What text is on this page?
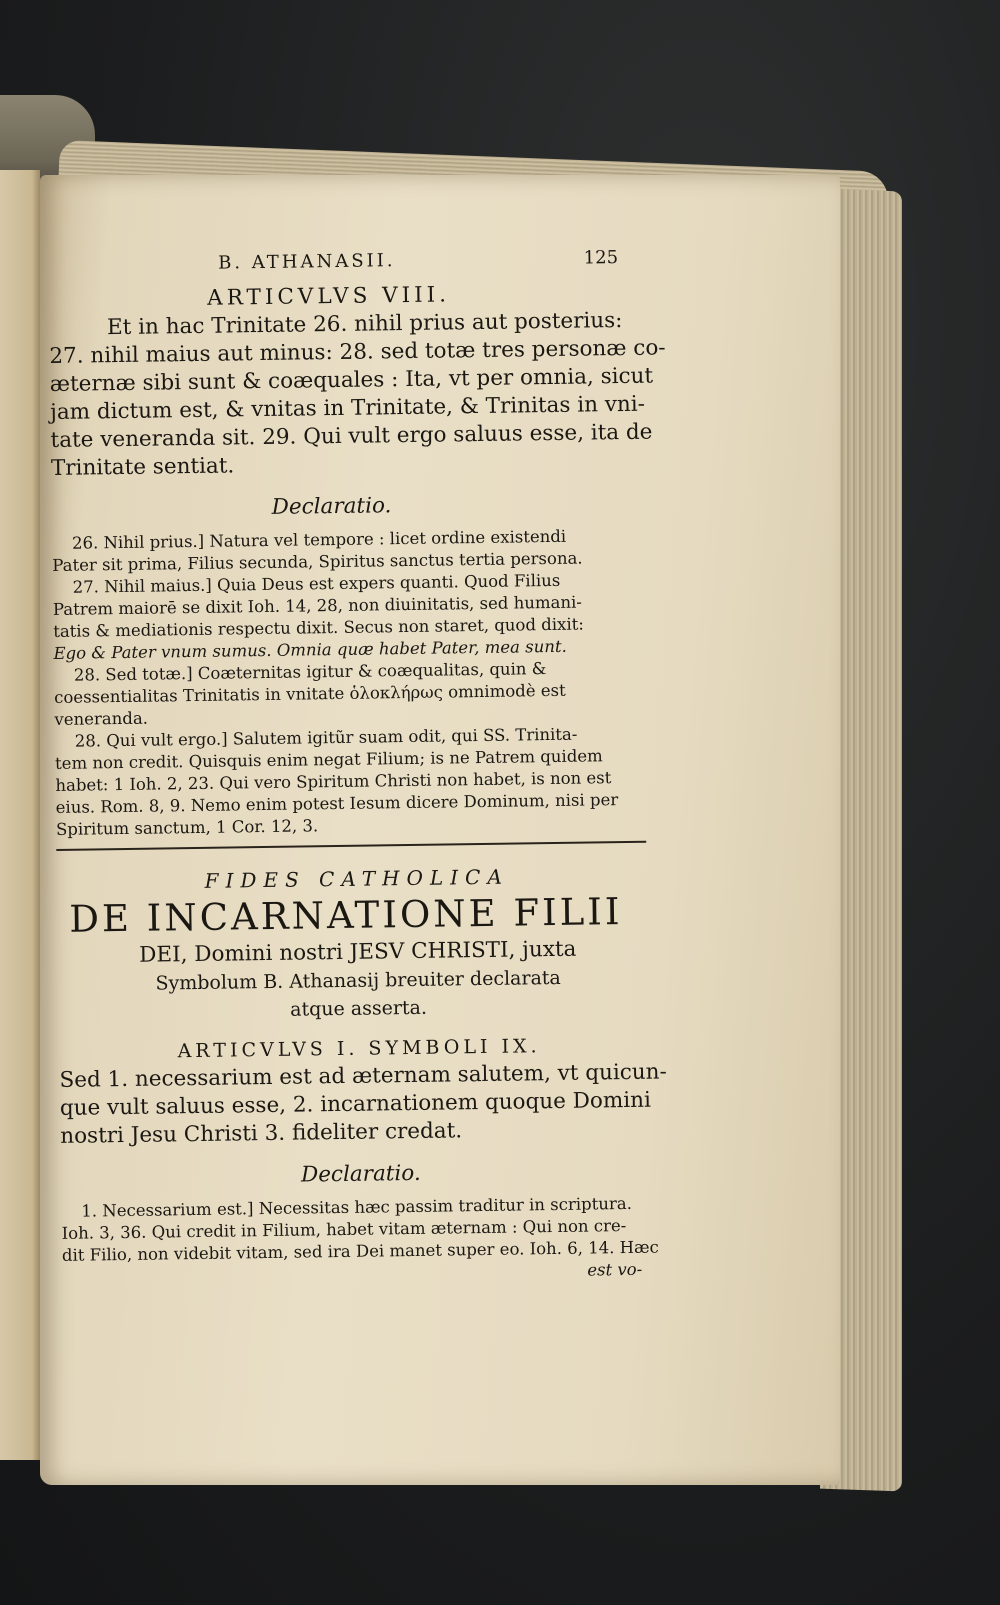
B. ATHANASII.	125
ARTICVLVS VIII.
Et in hac Trinitate 26. nihil prius aut posterius:
27. nihil maius aut minus: 28. sed totæ tres personæ co-
æternæ sibi sunt & coæquales : Ita, vt per omnia, sicut
jam dictum est, & vnitas in Trinitate, & Trinitas in vni-
tate veneranda sit. 29. Qui vult ergo saluus esse, ita de
Trinitate sentiat.
Declaratio.
26. Nihil prius.] Natura vel tempore : licet ordine existendi
Pater sit prima, Filius secunda, Spiritus sanctus tertia persona.
27. Nihil maius.] Quia Deus est expers quanti. Quod Filius
Patrem maiorē se dixit Ioh. 14, 28, non diuinitatis, sed humani-
tatis & mediationis respectu dixit. Secus non staret, quod dixit:
Ego & Pater vnum sumus. Omnia quæ habet Pater, mea sunt.
28. Sed totæ.] Coæternitas igitur & coæqualitas, quin &
coessentialitas Trinitatis in vnitate ὁλοκλήρως omnimodè est
veneranda.
28. Qui vult ergo.] Salutem igitũr suam odit, qui SS. Trinita-
tem non credit. Quisquis enim negat Filium; is ne Patrem quidem
habet: 1 Ioh. 2, 23. Qui vero Spiritum Christi non habet, is non est
eius. Rom. 8, 9. Nemo enim potest Iesum dicere Dominum, nisi per
Spiritum sanctum, 1 Cor. 12, 3.
FIDES CATHOLICA
DE INCARNATIONE FILII
DEI, Domini nostri JESV CHRISTI, juxta
Symbolum B. Athanasij breuiter declarata
atque asserta.
ARTICVLVS I. SYMBOLI IX.
Sed 1. necessarium est ad æternam salutem, vt quicun-
que vult saluus esse, 2. incarnationem quoque Domini
nostri Jesu Christi 3. fideliter credat.
Declaratio.
1. Necessarium est.] Necessitas hæc passim traditur in scriptura.
Ioh. 3, 36. Qui credit in Filium, habet vitam æternam : Qui non cre-
dit Filio, non videbit vitam, sed ira Dei manet super eo. Ioh. 6, 14. Hæc
est vo-
